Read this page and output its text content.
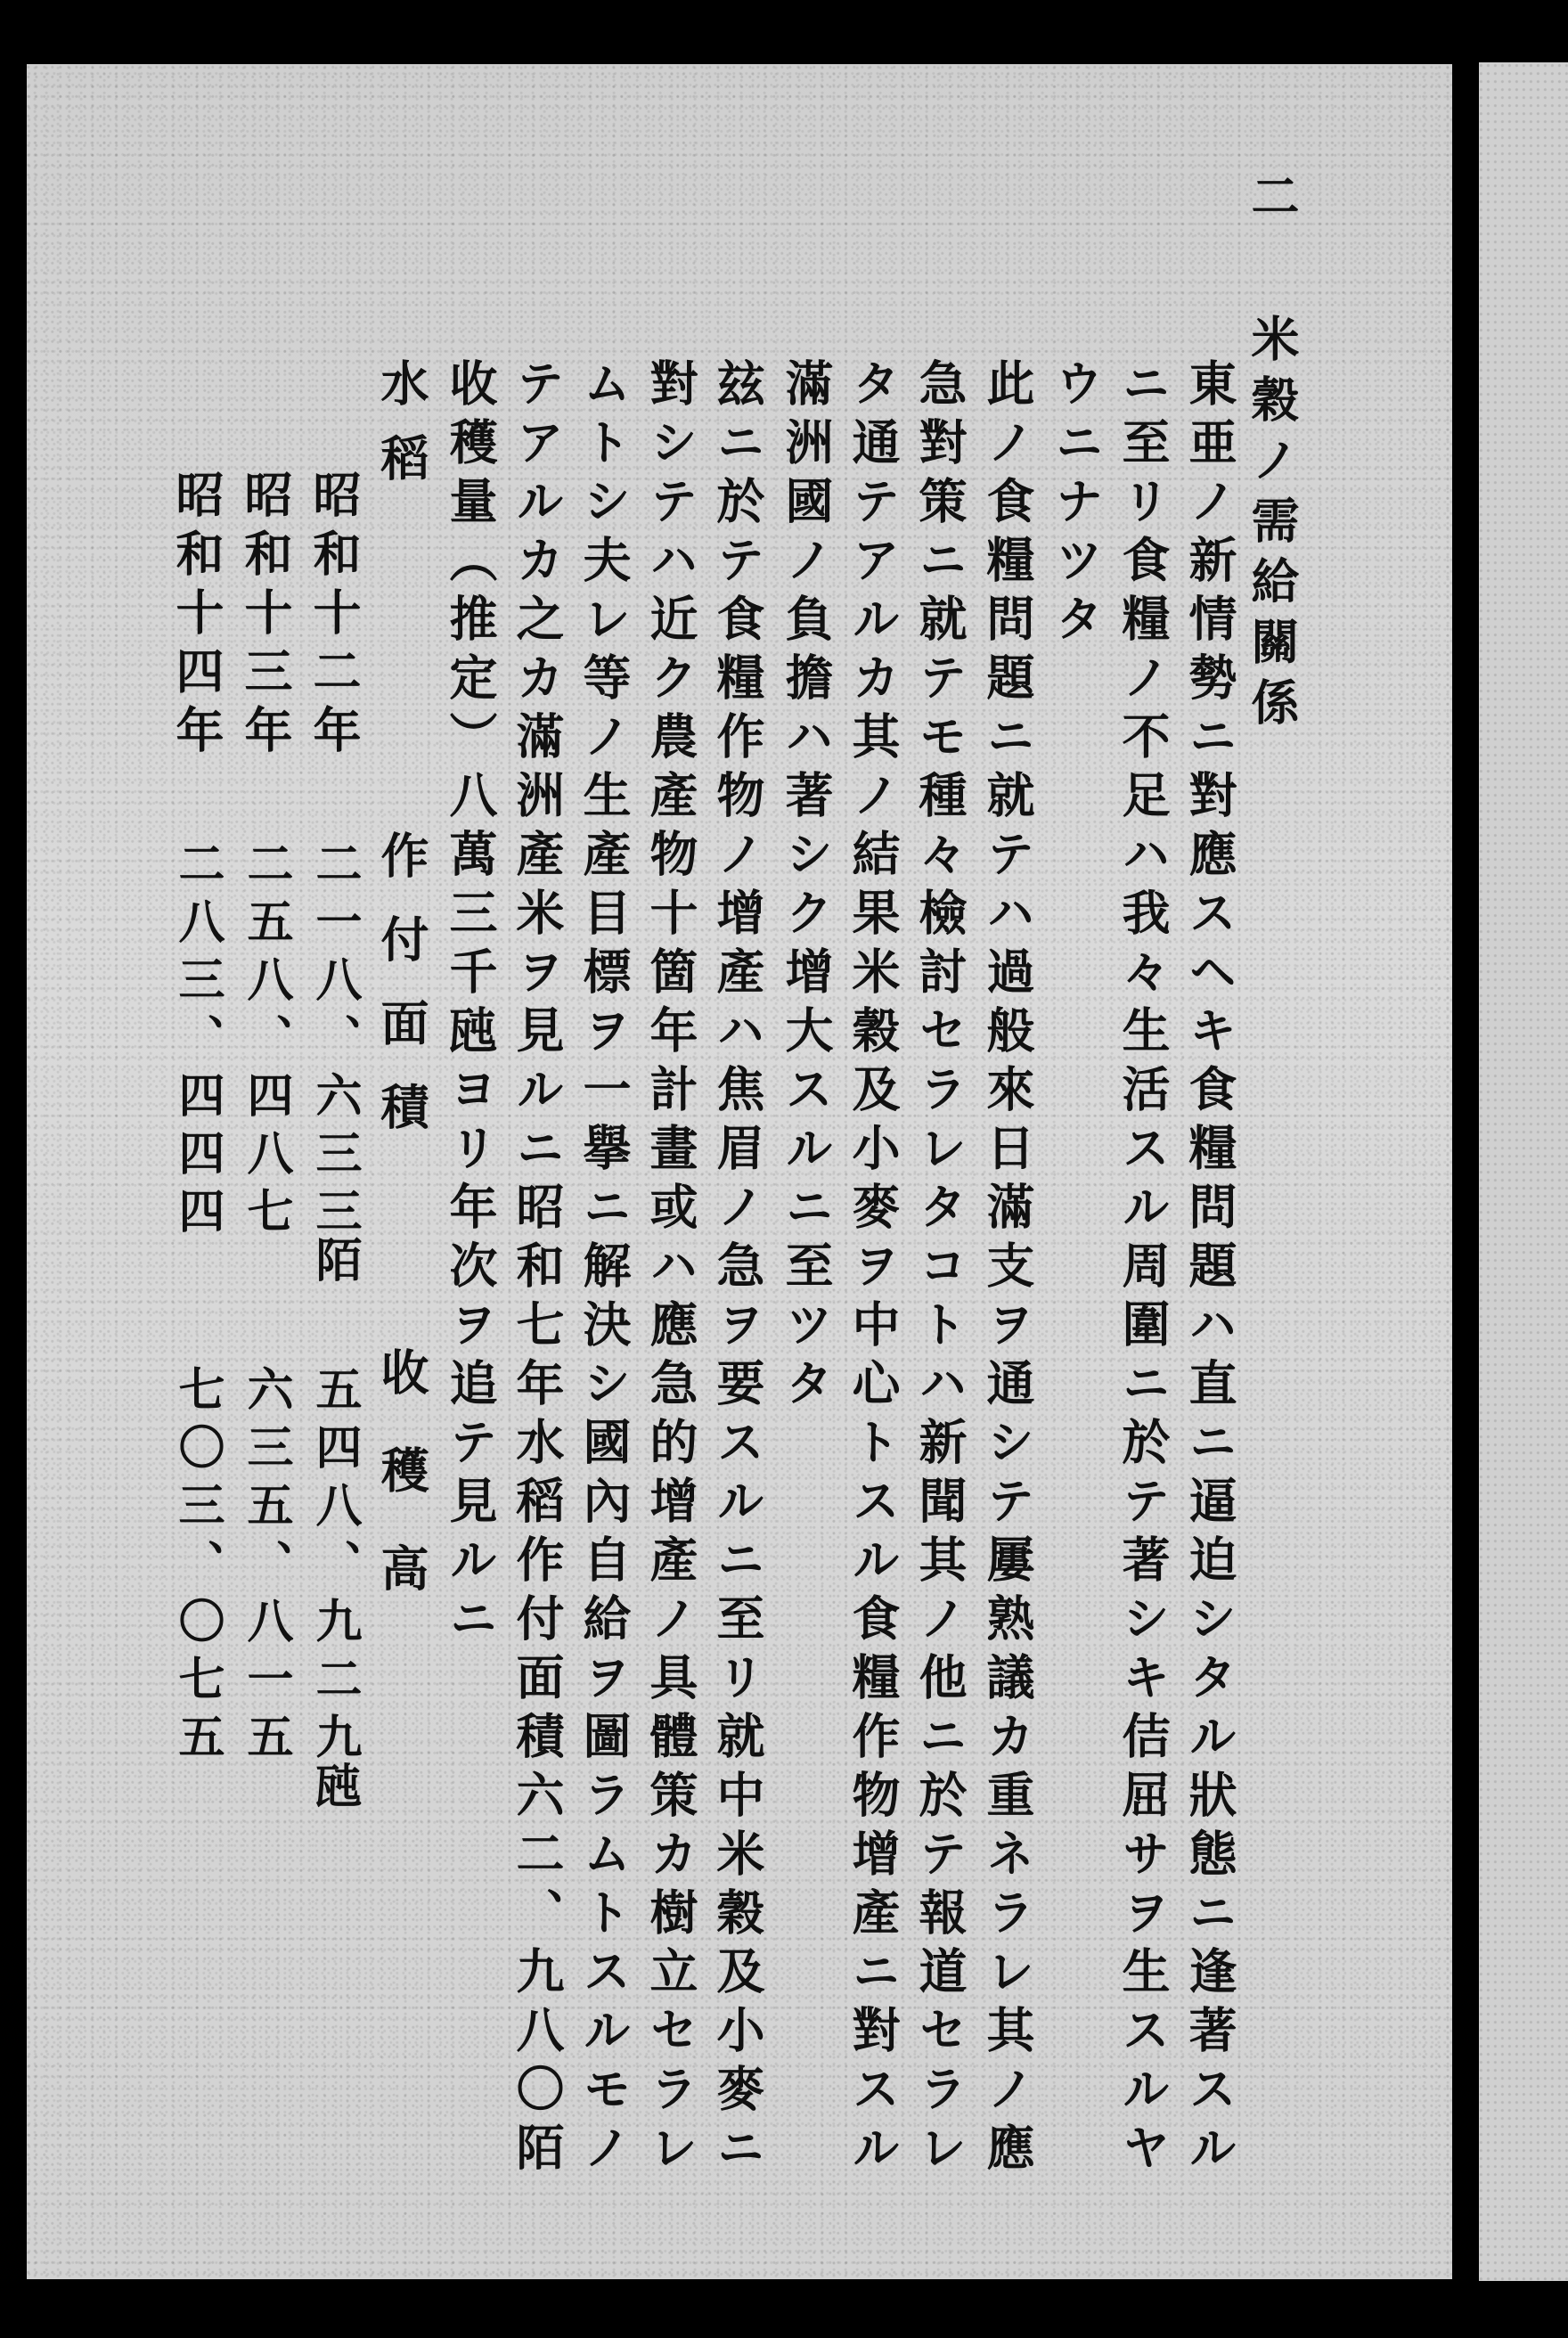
二
米穀ノ需給關係
東亜ノ新情勢ニ對應スヘキ食糧問題ハ直ニ逼迫シタル狀態ニ逢著スル
ニ至リ食糧ノ不足ハ我々生活スル周圍ニ於テ著シキ佶屈サヲ生スルヤ
ウニナツタ
此ノ食糧問題ニ就テハ過般來日滿支ヲ通シテ屢熟議カ重ネラレ其ノ應
急對策ニ就テモ種々檢討セラレタコトハ新聞其ノ他ニ於テ報道セラレ
タ通テアルカ其ノ結果米穀及小麥ヲ中心トスル食糧作物增產ニ對スル
滿洲國ノ負擔ハ著シク增大スルニ至ツタ
玆ニ於テ食糧作物ノ增產ハ焦眉ノ急ヲ要スルニ至リ就中米穀及小麥ニ
對シテハ近ク農產物十箇年計畫或ハ應急的增產ノ具體策カ樹立セラレ
ムトシ夫レ等ノ生產目標ヲ一擧ニ解決シ國內自給ヲ圖ラムトスルモノ
テアルカ之カ滿洲產米ヲ見ルニ昭和七年水稻作付面積六二、九八〇陌
收穫量（推定）八萬三千瓲ヨリ年次ヲ追テ見ルニ
水稻
作付面積
收穫高
昭和十二年
二一八、六三三
陌
五四八、九二九
瓲
昭和十三年
二五八、四八七
六三五、八一五
昭和十四年
二八三、四四四
七〇三、〇七五
